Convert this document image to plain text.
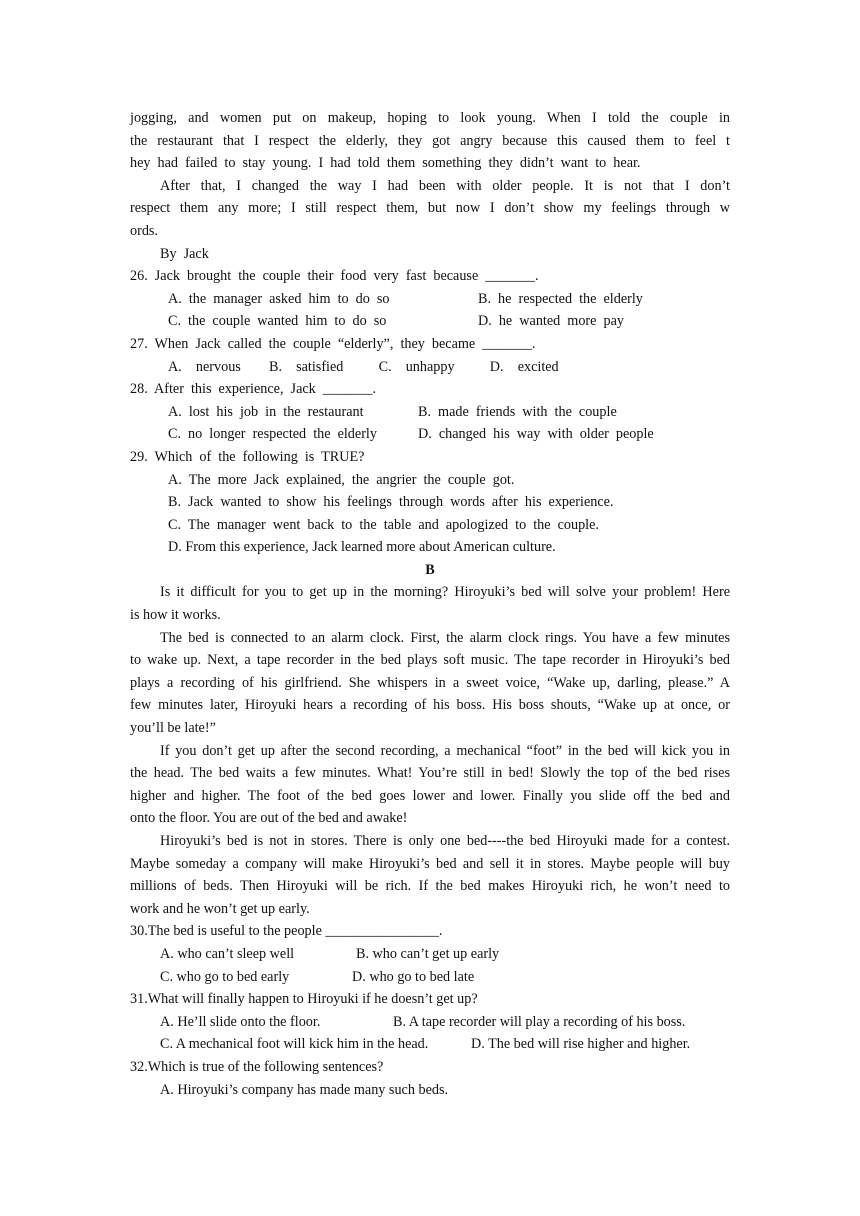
jogging, and women put on makeup, hoping to look young. When I told the couple in
the restaurant that I respect the elderly, they got angry because this caused them to feel t
hey had failed to stay young. I had told them something they didn’t want to hear.
After that, I changed the way I had been with older people. It is not that I don’t
respect them any more; I still respect them, but now I don’t show my feelings through w
ords.
By Jack
26. Jack brought the couple their food very fast because _______.
A. the manager asked him to do so	B. he respected the elderly
C. the couple wanted him to do so	D. he wanted more pay
27. When Jack called the couple “elderly”, they became _______.
A.  nervous    B.  satisfied     C.  unhappy     D.  excited
28. After this experience, Jack _______.
A. lost his job in the restaurant	B. made friends with the couple
C. no longer respected the elderly	D. changed his way with older people
29. Which of the following is TRUE?
A. The more Jack explained, the angrier the couple got.
B. Jack wanted to show his feelings through words after his experience.
C. The manager went back to the table and apologized to the couple.
D. From this experience, Jack learned more about American culture.
B
Is it difficult for you to get up in the morning? Hiroyuki’s bed will solve your problem! Here
is how it works.
The bed is connected to an alarm clock. First, the alarm clock rings. You have a few minutes
to wake up. Next, a tape recorder in the bed plays soft music. The tape recorder in Hiroyuki’s bed
plays a recording of his girlfriend. She whispers in a sweet voice, “Wake up, darling, please.” A
few minutes later, Hiroyuki hears a recording of his boss. His boss shouts, “Wake up at once, or
you’ll be late!”
If you don’t get up after the second recording, a mechanical “foot” in the bed will kick you in
the head. The bed waits a few minutes. What! You’re still in bed! Slowly the top of the bed rises
higher and higher. The foot of the bed goes lower and lower. Finally you slide off the bed and
onto the floor. You are out of the bed and awake!
Hiroyuki’s bed is not in stores. There is only one bed----the bed Hiroyuki made for a contest.
Maybe someday a company will make Hiroyuki’s bed and sell it in stores. Maybe people will buy
millions of beds. Then Hiroyuki will be rich. If the bed makes Hiroyuki rich, he won’t need to
work and he won’t get up early.
30.The bed is useful to the people ________________.
A. who can’t sleep well	B. who can’t get up early
C. who go to bed early	D. who go to bed late
31.What will finally happen to Hiroyuki if he doesn’t get up?
A. He’ll slide onto the floor.	B. A tape recorder will play a recording of his boss.
C. A mechanical foot will kick him in the head.	D. The bed will rise higher and higher.
32.Which is true of the following sentences?
A. Hiroyuki’s company has made many such beds.
